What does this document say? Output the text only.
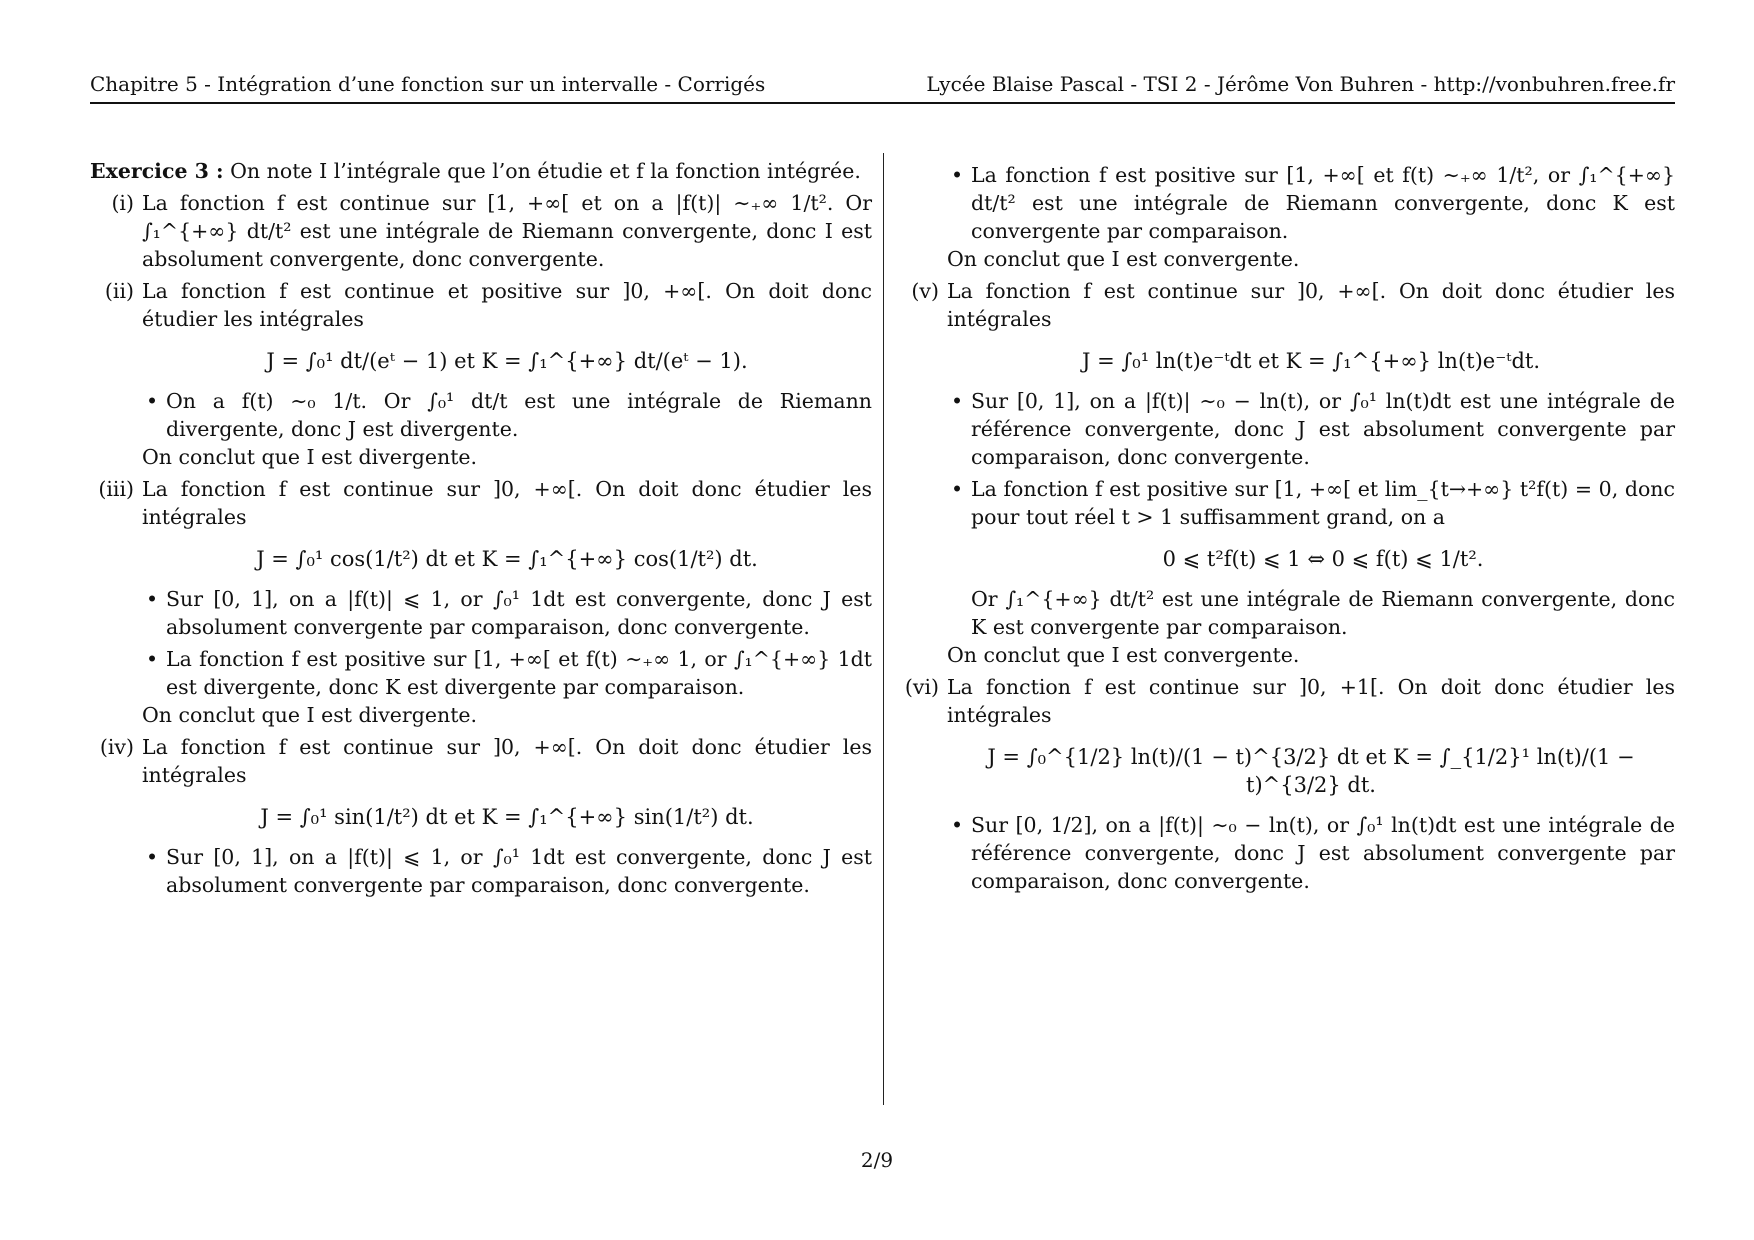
Chapitre 5 - Intégration d’une fonction sur un intervalle - Corrigés	Lycée Blaise Pascal - TSI 2 - Jérôme Von Buhren - http://vonbuhren.free.fr

Exercice 3 : On note I l’intégrale que l’on étudie et f la fonction intégrée.

(i) La fonction f est continue sur [1, +∞[ et on a |f(t)| ∼₊∞ 1/t². Or ∫₁^{+∞} dt/t² est une intégrale de Riemann convergente, donc I est absolument convergente, donc convergente.

(ii) La fonction f est continue et positive sur ]0, +∞[. On doit donc étudier les intégrales

J = ∫₀¹ dt/(eᵗ − 1) et K = ∫₁^{+∞} dt/(eᵗ − 1).
• On a f(t) ∼₀ 1/t. Or ∫₀¹ dt/t est une intégrale de Riemann divergente, donc J est divergente.

On conclut que I est divergente.

(iii) La fonction f est continue sur ]0, +∞[. On doit donc étudier les intégrales

J = ∫₀¹ cos(1/t²) dt et K = ∫₁^{+∞} cos(1/t²) dt.
• Sur [0, 1], on a |f(t)| ⩽ 1, or ∫₀¹ 1dt est convergente, donc J est absolument convergente par comparaison, donc convergente.

• La fonction f est positive sur [1, +∞[ et f(t) ∼₊∞ 1, or ∫₁^{+∞} 1dt est divergente, donc K est divergente par comparaison.

On conclut que I est divergente.

(iv) La fonction f est continue sur ]0, +∞[. On doit donc étudier les intégrales

J = ∫₀¹ sin(1/t²) dt et K = ∫₁^{+∞} sin(1/t²) dt.
• Sur [0, 1], on a |f(t)| ⩽ 1, or ∫₀¹ 1dt est convergente, donc J est absolument convergente par comparaison, donc convergente.

• La fonction f est positive sur [1, +∞[ et f(t) ∼₊∞ 1/t², or ∫₁^{+∞} dt/t² est une intégrale de Riemann convergente, donc K est convergente par comparaison.

On conclut que I est convergente.

(v) La fonction f est continue sur ]0, +∞[. On doit donc étudier les intégrales

J = ∫₀¹ ln(t)e⁻ᵗdt et K = ∫₁^{+∞} ln(t)e⁻ᵗdt.
• Sur [0, 1], on a |f(t)| ∼₀ − ln(t), or ∫₀¹ ln(t)dt est une intégrale de référence convergente, donc J est absolument convergente par comparaison, donc convergente.

• La fonction f est positive sur [1, +∞[ et lim_{t→+∞} t²f(t) = 0, donc pour tout réel t > 1 suffisamment grand, on a

0 ⩽ t²f(t) ⩽ 1 ⇔ 0 ⩽ f(t) ⩽ 1/t².

Or ∫₁^{+∞} dt/t² est une intégrale de Riemann convergente, donc K est convergente par comparaison.

On conclut que I est convergente.

(vi) La fonction f est continue sur ]0, +1[. On doit donc étudier les intégrales

J = ∫₀^{1/2} ln(t)/(1 − t)^{3/2} dt et K = ∫_{1/2}¹ ln(t)/(1 − t)^{3/2} dt.
• Sur [0, 1/2], on a |f(t)| ∼₀ − ln(t), or ∫₀¹ ln(t)dt est une intégrale de référence convergente, donc J est absolument convergente par comparaison, donc convergente.

2/9
